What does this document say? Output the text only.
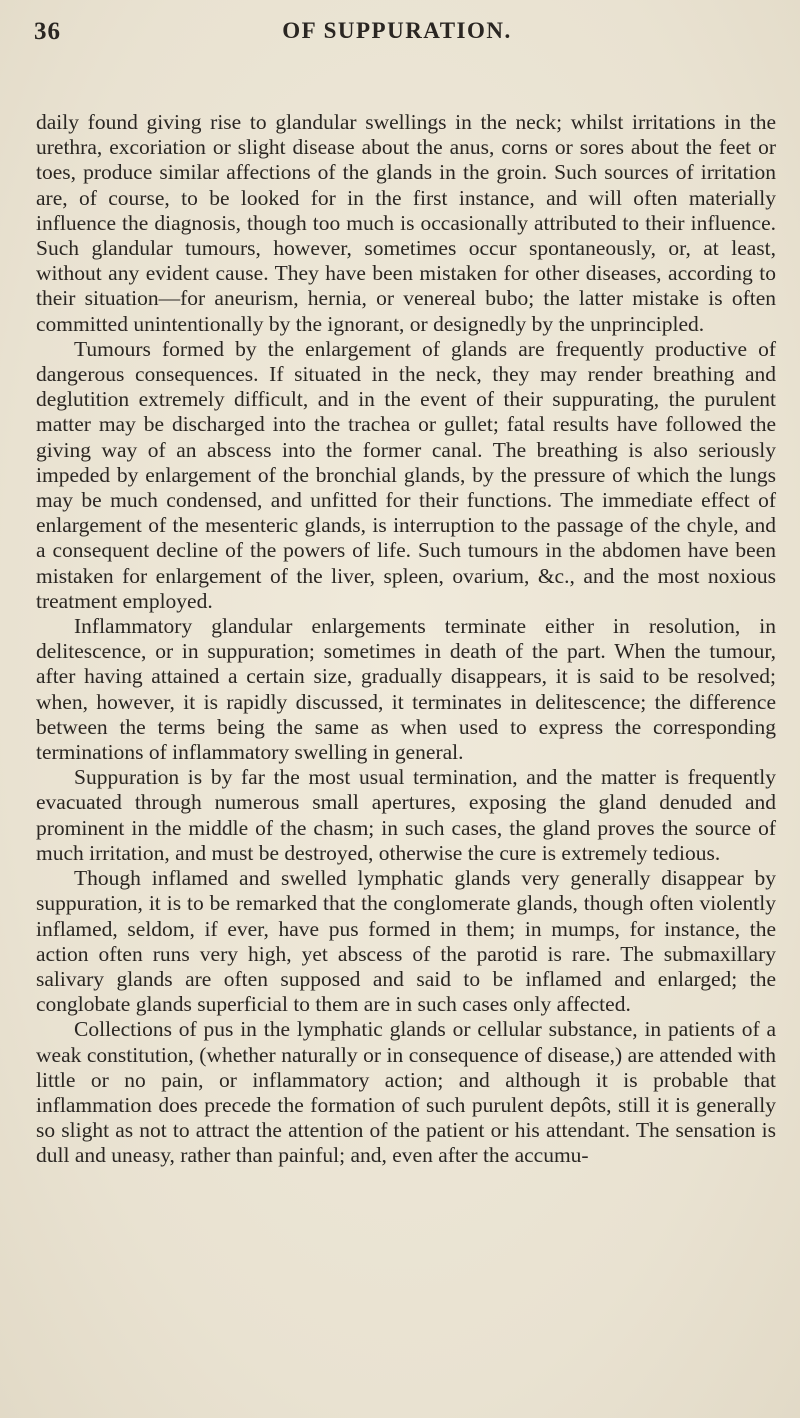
36	OF SUPPURATION.

daily found giving rise to glandular swellings in the neck; whilst irritations in the urethra, excoriation or slight disease about the anus, corns or sores about the feet or toes, produce similar affections of the glands in the groin. Such sources of irritation are, of course, to be looked for in the first instance, and will often materially influence the diagnosis, though too much is occasionally attributed to their influence. Such glandular tumours, however, sometimes occur spontaneously, or, at least, without any evident cause. They have been mistaken for other diseases, according to their situation—for aneurism, hernia, or venereal bubo; the latter mistake is often committed unintentionally by the ignorant, or designedly by the unprincipled.

Tumours formed by the enlargement of glands are frequently productive of dangerous consequences. If situated in the neck, they may render breathing and deglutition extremely difficult, and in the event of their suppurating, the purulent matter may be discharged into the trachea or gullet; fatal results have followed the giving way of an abscess into the former canal. The breathing is also seriously impeded by enlargement of the bronchial glands, by the pressure of which the lungs may be much condensed, and unfitted for their functions. The immediate effect of enlargement of the mesenteric glands, is interruption to the passage of the chyle, and a consequent decline of the powers of life. Such tumours in the abdomen have been mistaken for enlargement of the liver, spleen, ovarium, &c., and the most noxious treatment employed.

Inflammatory glandular enlargements terminate either in resolution, in delitescence, or in suppuration; sometimes in death of the part. When the tumour, after having attained a certain size, gradually disappears, it is said to be resolved; when, however, it is rapidly discussed, it terminates in delitescence; the difference between the terms being the same as when used to express the corresponding terminations of inflammatory swelling in general.

Suppuration is by far the most usual termination, and the matter is frequently evacuated through numerous small apertures, exposing the gland denuded and prominent in the middle of the chasm; in such cases, the gland proves the source of much irritation, and must be destroyed, otherwise the cure is extremely tedious.

Though inflamed and swelled lymphatic glands very generally disappear by suppuration, it is to be remarked that the conglomerate glands, though often violently inflamed, seldom, if ever, have pus formed in them; in mumps, for instance, the action often runs very high, yet abscess of the parotid is rare. The submaxillary salivary glands are often supposed and said to be inflamed and enlarged; the conglobate glands superficial to them are in such cases only affected.

Collections of pus in the lymphatic glands or cellular substance, in patients of a weak constitution, (whether naturally or in consequence of disease,) are attended with little or no pain, or inflammatory action; and although it is probable that inflammation does precede the formation of such purulent depôts, still it is generally so slight as not to attract the attention of the patient or his attendant. The sensation is dull and uneasy, rather than painful; and, even after the accumu-
